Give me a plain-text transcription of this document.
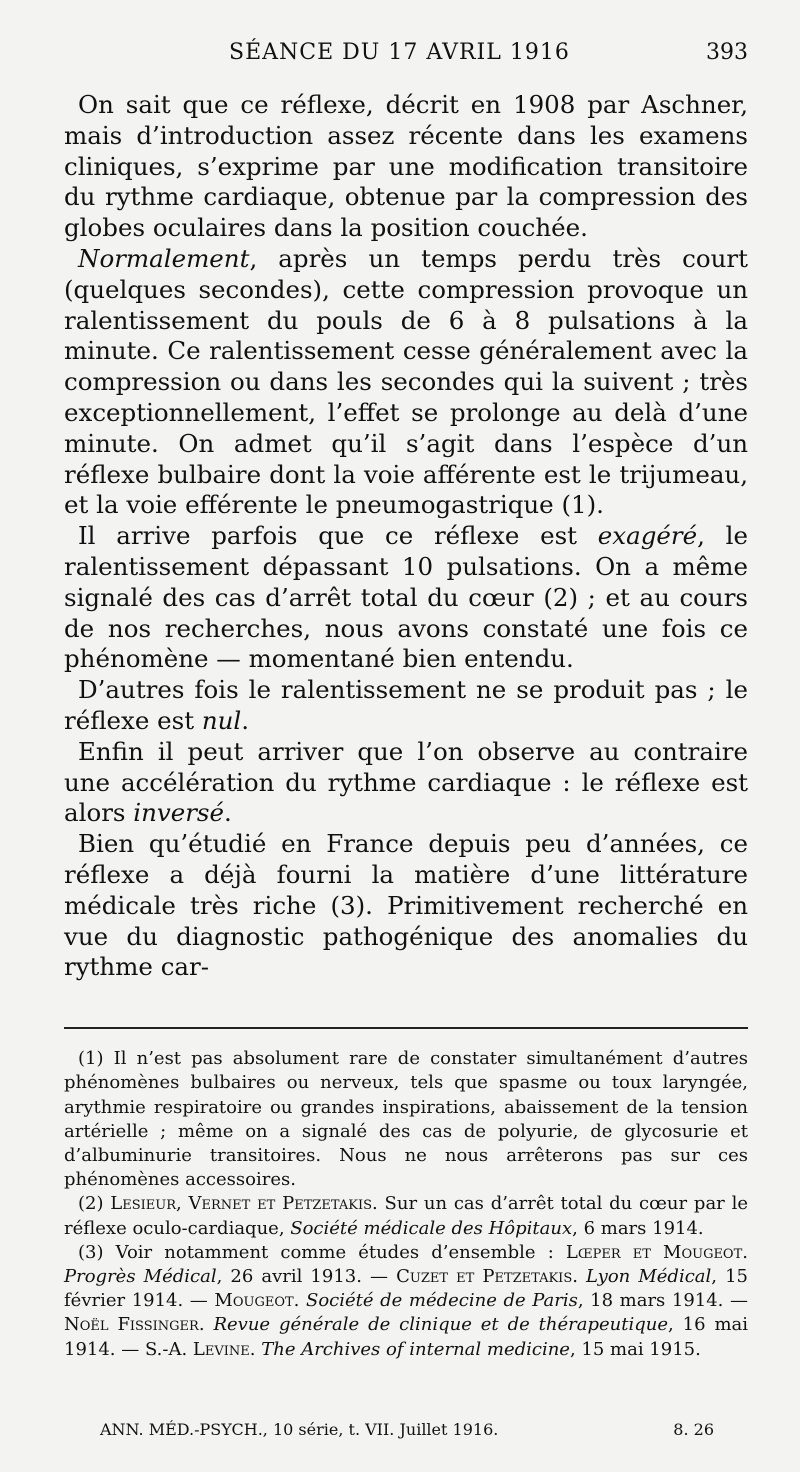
SÉANCE DU 17 AVRIL 1916	393

On sait que ce réflexe, décrit en 1908 par Aschner, mais d’introduction assez récente dans les examens cliniques, s’exprime par une modification transitoire du rythme cardiaque, obtenue par la compression des globes oculaires dans la position couchée.

Normalement, après un temps perdu très court (quelques secondes), cette compression provoque un ralentissement du pouls de 6 à 8 pulsations à la minute. Ce ralentissement cesse généralement avec la compression ou dans les secondes qui la suivent ; très exceptionnellement, l’effet se prolonge au delà d’une minute. On admet qu’il s’agit dans l’espèce d’un réflexe bulbaire dont la voie afférente est le trijumeau, et la voie efférente le pneumogastrique (1).

Il arrive parfois que ce réflexe est exagéré, le ralentissement dépassant 10 pulsations. On a même signalé des cas d’arrêt total du cœur (2) ; et au cours de nos recherches, nous avons constaté une fois ce phénomène — momentané bien entendu.

D’autres fois le ralentissement ne se produit pas ; le réflexe est nul.

Enfin il peut arriver que l’on observe au contraire une accélération du rythme cardiaque : le réflexe est alors inversé.

Bien qu’étudié en France depuis peu d’années, ce réflexe a déjà fourni la matière d’une littérature médicale très riche (3). Primitivement recherché en vue du diagnostic pathogénique des anomalies du rythme car-

(1) Il n’est pas absolument rare de constater simultanément d’autres phénomènes bulbaires ou nerveux, tels que spasme ou toux laryngée, arythmie respiratoire ou grandes inspirations, abaissement de la tension artérielle ; même on a signalé des cas de polyurie, de glycosurie et d’albuminurie transitoires. Nous ne nous arrêterons pas sur ces phénomènes accessoires.

(2) Lesieur, Vernet et Petzetakis. Sur un cas d’arrêt total du cœur par le réflexe oculo-cardiaque, Société médicale des Hôpitaux, 6 mars 1914.

(3) Voir notamment comme études d’ensemble : Lœper et Mougeot. Progrès Médical, 26 avril 1913. — Cuzet et Petzetakis. Lyon Médical, 15 février 1914. — Mougeot. Société de médecine de Paris, 18 mars 1914. — Noël Fissinger. Revue générale de clinique et de thérapeutique, 16 mai 1914. — S.-A. Levine. The Archives of internal medicine, 15 mai 1915.

ANN. MÉD.-PSYCH., 10 série, t. VII. Juillet 1916.	8. 26
